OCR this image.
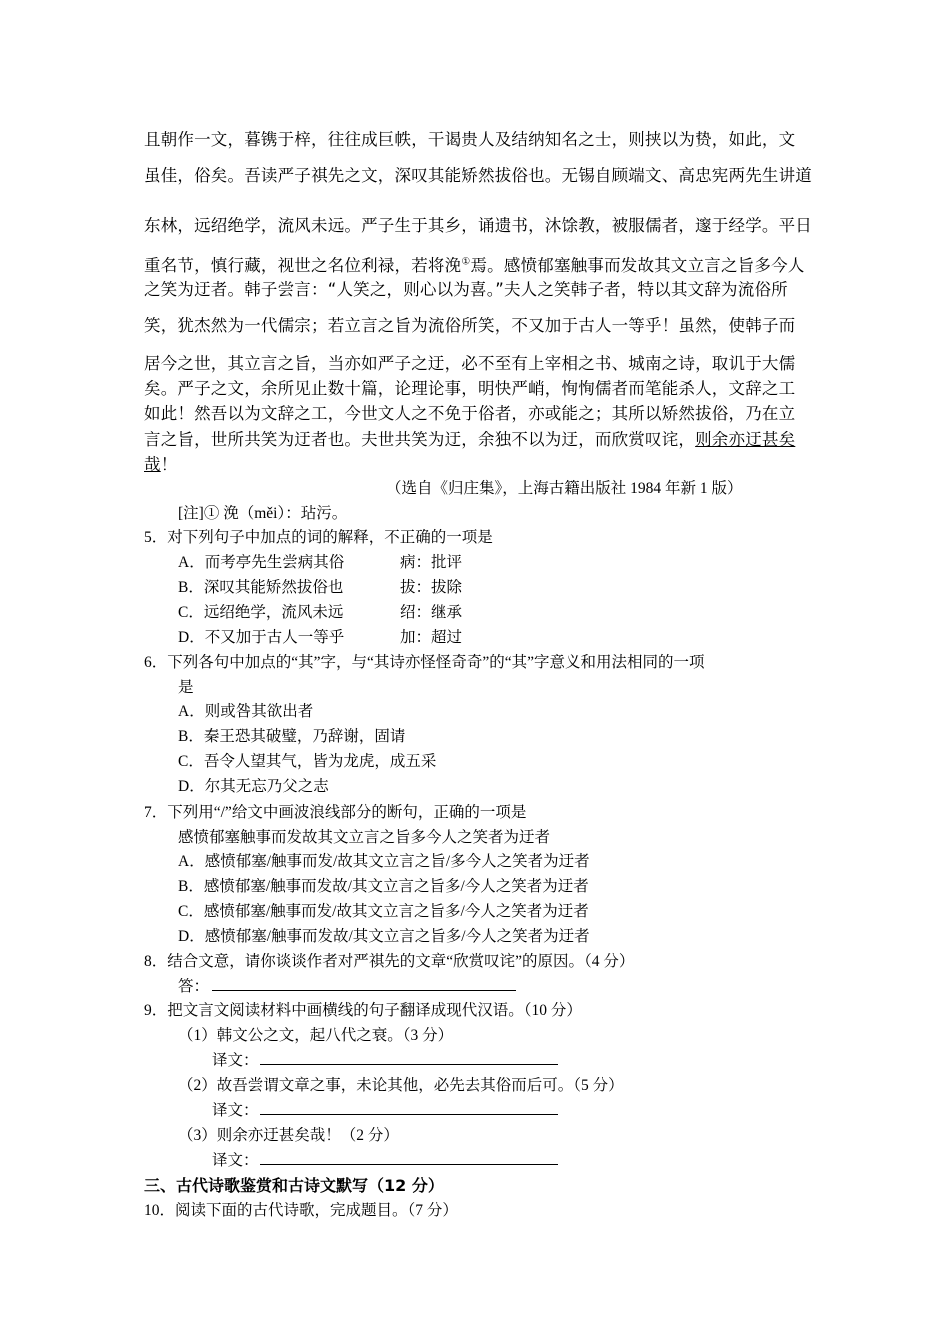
且朝作一文，暮镌于梓，往往成巨帙，干谒贵人及结纳知名之士，则挟以为贽，如此，文
虽佳，俗矣。吾读严子祺先之文，深叹其能矫然拔俗也。无锡自顾端文、高忠宪两先生讲道
东林，远绍绝学，流风未远。严子生于其乡，诵遗书，沐馀教，被服儒者，邃于经学。平日
重名节，慎行藏，视世之名位利禄，若将浼①焉。感愤郁塞触事而发故其文立言之旨多今人
之笑为迂者。韩子尝言：“人笑之，则心以为喜。”夫人之笑韩子者，特以其文辞为流俗所
笑，犹杰然为一代儒宗；若立言之旨为流俗所笑，不又加于古人一等乎！虽然，使韩子而
居今之世，其立言之旨，当亦如严子之迂，必不至有上宰相之书、城南之诗，取讥于大儒
矣。严子之文，余所见止数十篇，论理论事，明快严峭，恂恂儒者而笔能杀人，文辞之工
如此！然吾以为文辞之工，今世文人之不免于俗者，亦或能之；其所以矫然拔俗，乃在立
言之旨，世所共笑为迂者也。夫世共笑为迂，余独不以为迂，而欣赏叹诧，则余亦迂甚矣
哉！
（选自《归庄集》，上海古籍出版社 1984 年新 1 版）
[注]① 浼（měi）：玷污。
5．对下列句子中加点的词的解释，不正确的一项是
A．而考亭先生尝病其俗	病：批评
B．深叹其能矫然拔俗也	拔：拔除
C．远绍绝学，流风未远	绍：继承
D．不又加于古人一等乎	加：超过
6．下列各句中加点的“其”字，与“其诗亦怪怪奇奇”的“其”字意义和用法相同的一项
是
A．则或咎其欲出者
B．秦王恐其破璧，乃辞谢，固请
C．吾令人望其气，皆为龙虎，成五采
D．尔其无忘乃父之志
7．下列用“/”给文中画波浪线部分的断句，正确的一项是
感愤郁塞触事而发故其文立言之旨多今人之笑者为迂者
A．感愤郁塞/触事而发/故其文立言之旨/多今人之笑者为迂者
B．感愤郁塞/触事而发故/其文立言之旨多/今人之笑者为迂者
C．感愤郁塞/触事而发/故其文立言之旨多/今人之笑者为迂者
D．感愤郁塞/触事而发故/其文立言之旨多/今人之笑者为迂者
8．结合文意，请你谈谈作者对严祺先的文章“欣赏叹诧”的原因。（4 分）
答：
9．把文言文阅读材料中画横线的句子翻译成现代汉语。（10 分）
（1）韩文公之文，起八代之衰。（3 分）
译文：
（2）故吾尝谓文章之事，未论其他，必先去其俗而后可。（5 分）
译文：
（3）则余亦迂甚矣哉！（2 分）
译文：
三、古代诗歌鉴赏和古诗文默写（12 分）
10．阅读下面的古代诗歌，完成题目。（7 分）
